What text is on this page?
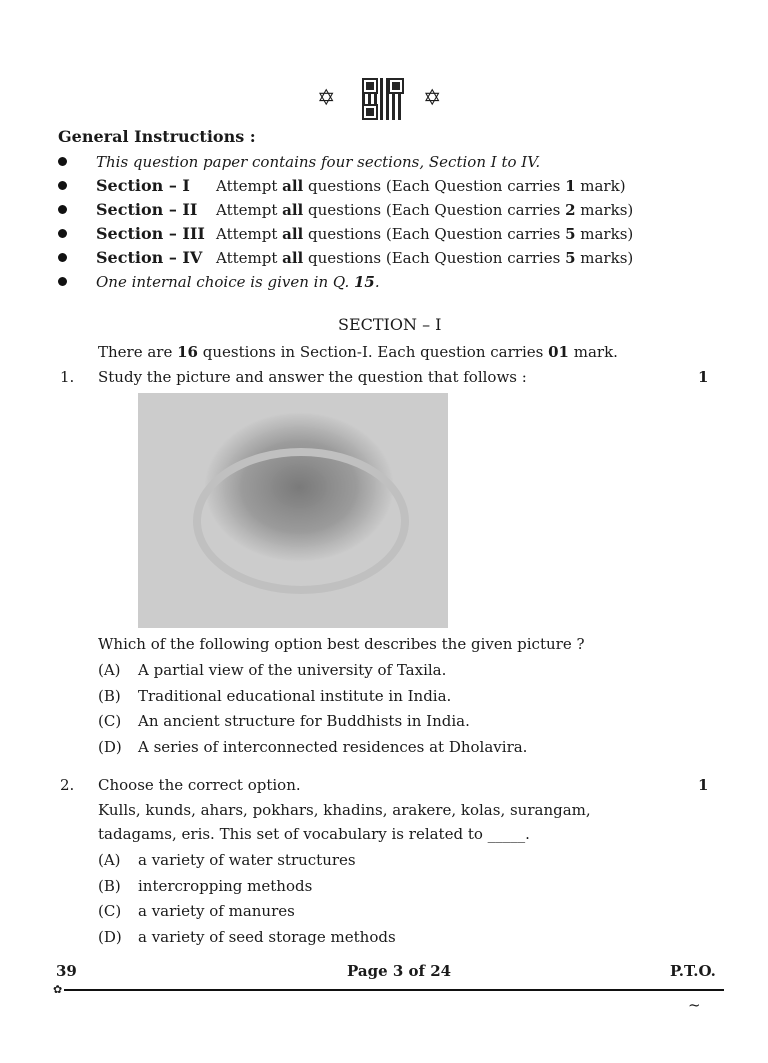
✡	✡
General Instructions :
This question paper contains four sections, Section I to IV.
Section – I Attempt all questions (Each Question carries 1 mark)
Section – II Attempt all questions (Each Question carries 2 marks)
Section – III Attempt all questions (Each Question carries 5 marks)
Section – IV Attempt all questions (Each Question carries 5 marks)
One internal choice is given in Q. 15.
SECTION – I
There are 16 questions in Section-I. Each question carries 01 mark.
1. Study the picture and answer the question that follows :	1
Which of the following option best describes the given picture ?
(A) A partial view of the university of Taxila.
(B) Traditional educational institute in India.
(C) An ancient structure for Buddhists in India.
(D) A series of interconnected residences at Dholavira.
2. Choose the correct option.	1
Kulls, kunds, ahars, pokhars, khadins, arakere, kolas, surangam,
tadagams, eris. This set of vocabulary is related to _____.
(A) a variety of water structures
(B) intercropping methods
(C) a variety of manures
(D) a variety of seed storage methods
39	Page 3 of 24	P.T.O.
✿
~
